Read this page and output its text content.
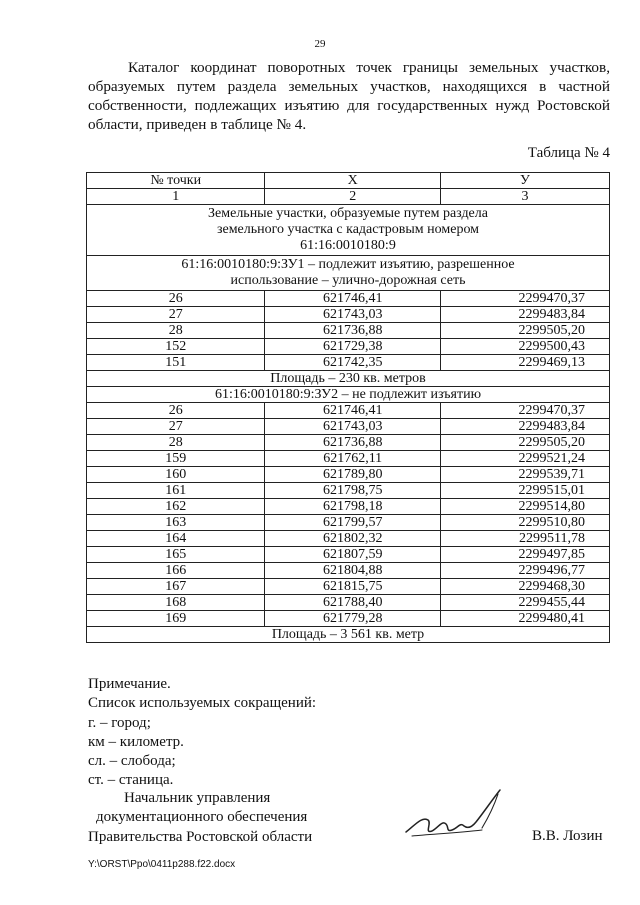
29

Каталог координат поворотных точек границы земельных участков, образуемых путем раздела земельных участков, находящихся в частной собственности, подлежащих изъятию для государственных нужд Ростовской области, приведен в таблице № 4.

Таблица № 4
№ точки	X	У
1	2	3
Земельные участки, образуемые путем раздела земельного участка с кадастровым номером 61:16:0010180:9		
61:16:0010180:9:ЗУ1 – подлежит изъятию, разрешенное использование – улично-дорожная сеть		
26	621746,41	2299470,37
27	621743,03	2299483,84
28	621736,88	2299505,20
152	621729,38	2299500,43
151	621742,35	2299469,13
Площадь – 230 кв. метров		
61:16:0010180:9:ЗУ2 – не подлежит изъятию		
26	621746,41	2299470,37
27	621743,03	2299483,84
28	621736,88	2299505,20
159	621762,11	2299521,24
160	621789,80	2299539,71
161	621798,75	2299515,01
162	621798,18	2299514,80
163	621799,57	2299510,80
164	621802,32	2299511,78
165	621807,59	2299497,85
166	621804,88	2299496,77
167	621815,75	2299468,30
168	621788,40	2299455,44
169	621779,28	2299480,41
Площадь – 3 561 кв. метр		
Примечание.
Список используемых сокращений:
г. – город;
км – километр.
сл. – слобода;
ст. – станица.
Начальник управления
документационного обеспечения
Правительства Ростовской области	В.В. Лозин
Y:\ORST\Ppo\0411p288.f22.docx
